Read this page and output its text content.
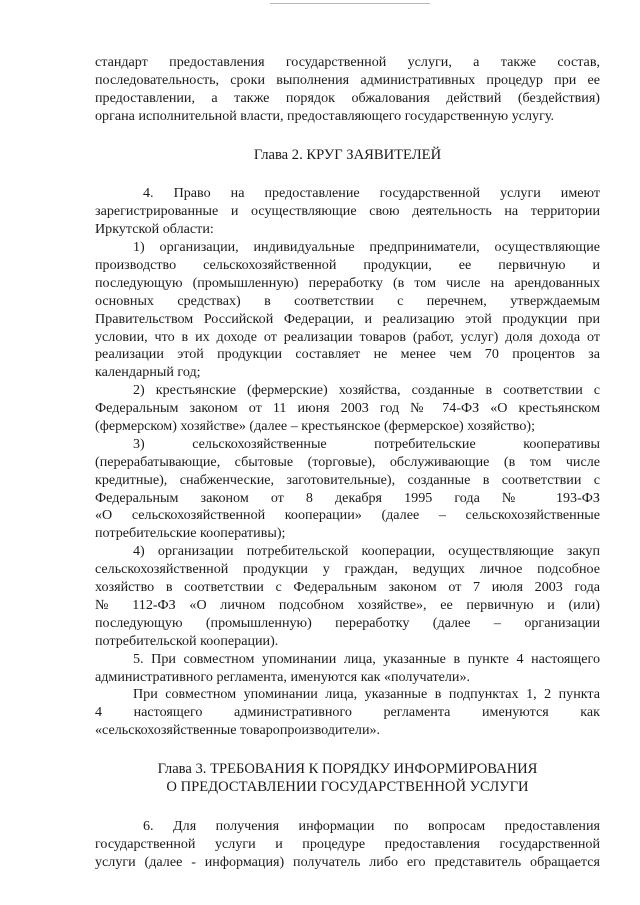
стандарт предоставления государственной услуги, а также состав,
последовательность, сроки выполнения административных процедур при ее
предоставлении, а также порядок обжалования действий (бездействия)
органа исполнительной власти, предоставляющего государственную услугу.
Глава 2. КРУГ ЗАЯВИТЕЛЕЙ
4. Право на предоставление государственной услуги имеют
зарегистрированные и осуществляющие свою деятельность на территории
Иркутской области:
1) организации, индивидуальные предприниматели, осуществляющие
производство сельскохозяйственной продукции, ее первичную и
последующую (промышленную) переработку (в том числе на арендованных
основных средствах) в соответствии с перечнем, утверждаемым
Правительством Российской Федерации, и реализацию этой продукции при
условии, что в их доходе от реализации товаров (работ, услуг) доля дохода от
реализации этой продукции составляет не менее чем 70 процентов за
календарный год;
2) крестьянские (фермерские) хозяйства, созданные в соответствии с
Федеральным законом от 11 июня 2003 год № 74-ФЗ «О крестьянском
(фермерском) хозяйстве» (далее – крестьянское (фермерское) хозяйство);
3) сельскохозяйственные потребительские кооперативы
(перерабатывающие, сбытовые (торговые), обслуживающие (в том числе
кредитные), снабженческие, заготовительные), созданные в соответствии с
Федеральным законом от 8 декабря 1995 года № 193-ФЗ
«О сельскохозяйственной кооперации» (далее – сельскохозяйственные
потребительские кооперативы);
4) организации потребительской кооперации, осуществляющие закуп
сельскохозяйственной продукции у граждан, ведущих личное подсобное
хозяйство в соответствии с Федеральным законом от 7 июля 2003 года
№ 112-ФЗ «О личном подсобном хозяйстве», ее первичную и (или)
последующую (промышленную) переработку (далее – организации
потребительской кооперации).
5. При совместном упоминании лица, указанные в пункте 4 настоящего
административного регламента, именуются как «получатели».
При совместном упоминании лица, указанные в подпунктах 1, 2 пункта
4 настоящего административного регламента именуются как
«сельскохозяйственные товаропроизводители».
Глава 3. ТРЕБОВАНИЯ К ПОРЯДКУ ИНФОРМИРОВАНИЯ
О ПРЕДОСТАВЛЕНИИ ГОСУДАРСТВЕННОЙ УСЛУГИ
6. Для получения информации по вопросам предоставления
государственной услуги и процедуре предоставления государственной
услуги (далее - информация) получатель либо его представитель обращается
